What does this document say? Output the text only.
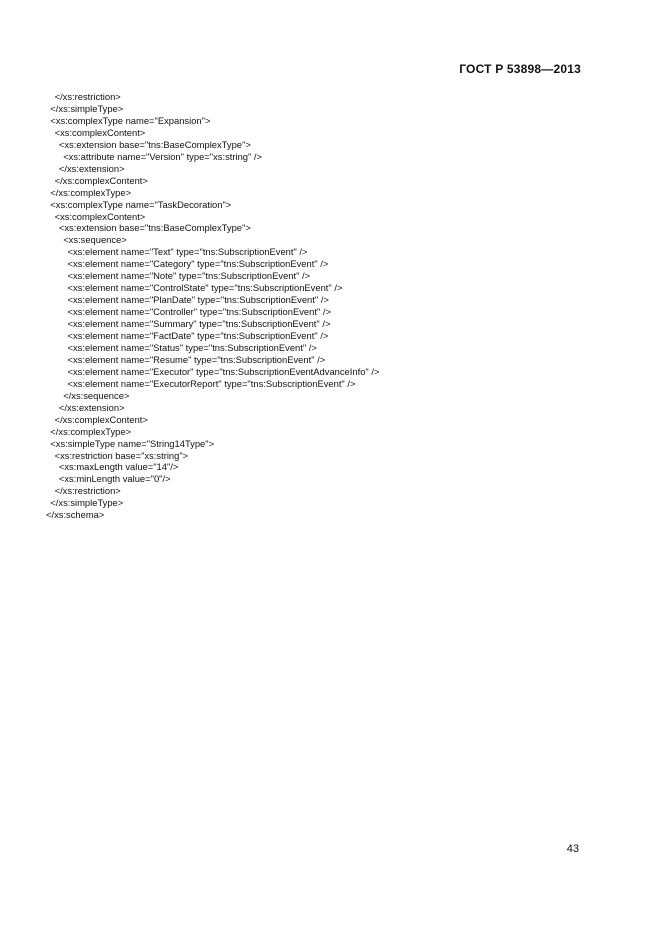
ГОСТ Р 53898—2013
</xs:restriction>
</xs:simpleType>
<xs:complexType name="Expansion">
<xs:complexContent>
<xs:extension base="tns:BaseComplexType">
<xs:attribute name="Version" type="xs:string" />
</xs:extension>
</xs:complexContent>
</xs:complexType>
<xs:complexType name="TaskDecoration">
<xs:complexContent>
<xs:extension base="tns:BaseComplexType">
<xs:sequence>
<xs:element name="Text" type="tns:SubscriptionEvent" />
<xs:element name="Category" type="tns:SubscriptionEvent" />
<xs:element name="Note" type="tns:SubscriptionEvent" />
<xs:element name="ControlState" type="tns:SubscriptionEvent" />
<xs:element name="PlanDate" type="tns:SubscriptionEvent" />
<xs:element name="Controller" type="tns:SubscriptionEvent" />
<xs:element name="Summary" type="tns:SubscriptionEvent" />
<xs:element name="FactDate" type="tns:SubscriptionEvent" />
<xs:element name="Status" type="tns:SubscriptionEvent" />
<xs:element name="Resume" type="tns:SubscriptionEvent" />
<xs:element name="Executor" type="tns:SubscriptionEventAdvanceInfo" />
<xs:element name="ExecutorReport" type="tns:SubscriptionEvent" />
</xs:sequence>
</xs:extension>
</xs:complexContent>
</xs:complexType>
<xs:simpleType name="String14Type">
<xs:restriction base="xs:string">
<xs:maxLength value="14"/>
<xs:minLength value="0"/>
</xs:restriction>
</xs:simpleType>
</xs:schema>
43
